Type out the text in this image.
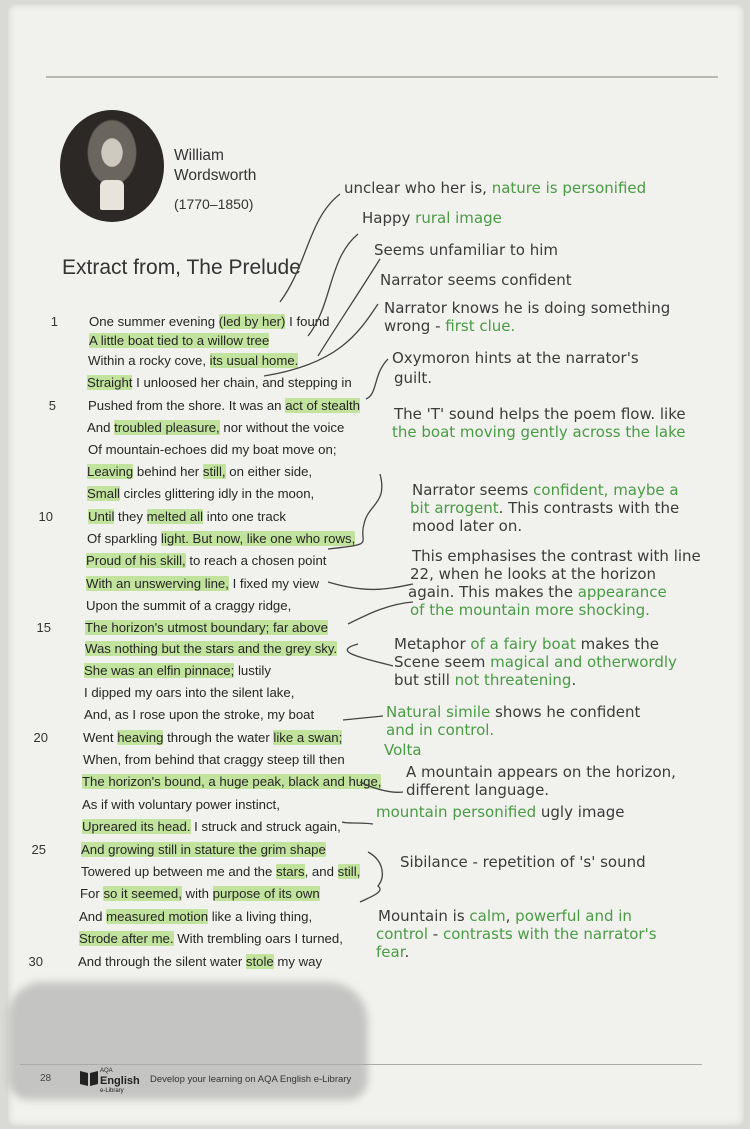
William
Wordsworth
(1770–1850)
Extract from, The Prelude
One summer evening (led by her) I found
A little boat tied to a willow tree
Within a rocky cove, its usual home.
Straight I unloosed her chain, and stepping in
Pushed from the shore. It was an act of stealth
And troubled pleasure, nor without the voice
Of mountain-echoes did my boat move on;
Leaving behind her still, on either side,
Small circles glittering idly in the moon,
Until they melted all into one track
Of sparkling light. But now, like one who rows,
Proud of his skill, to reach a chosen point
With an unswerving line, I fixed my view
Upon the summit of a craggy ridge,
The horizon's utmost boundary; far above
Was nothing but the stars and the grey sky.
She was an elfin pinnace; lustily
I dipped my oars into the silent lake,
And, as I rose upon the stroke, my boat
Went heaving through the water like a swan;
When, from behind that craggy steep till then
The horizon's bound, a huge peak, black and huge,
As if with voluntary power instinct,
Upreared its head. I struck and struck again,
And growing still in stature the grim shape
Towered up between me and the stars, and still,
For so it seemed, with purpose of its own
And measured motion like a living thing,
Strode after me. With trembling oars I turned,
And through the silent water stole my way
1
5
10
15
20
25
30
unclear who her is, nature is personified
Happy rural image
Seems unfamiliar to him
Narrator seems confident
Narrator knows he is doing something
wrong - first clue.
Oxymoron hints at the narrator's
guilt.
The 'T' sound helps the poem flow. like
the boat moving gently across the lake
Narrator seems confident, maybe a
bit arrogent. This contrasts with the
mood later on.
This emphasises the contrast with line
22, when he looks at the horizon
again. This makes the appearance
of the mountain more shocking.
Metaphor of a fairy boat makes the
Scene seem magical and otherwordly
but still not threatening.
Natural simile shows he confident
and in control.
Volta
A mountain appears on the horizon,
different language.
mountain personified ugly image
Sibilance - repetition of 's' sound
Mountain is calm, powerful and in
control - contrasts with the narrator's
fear.
28
AQA
English
e-Library
Develop your learning on AQA English e-Library
